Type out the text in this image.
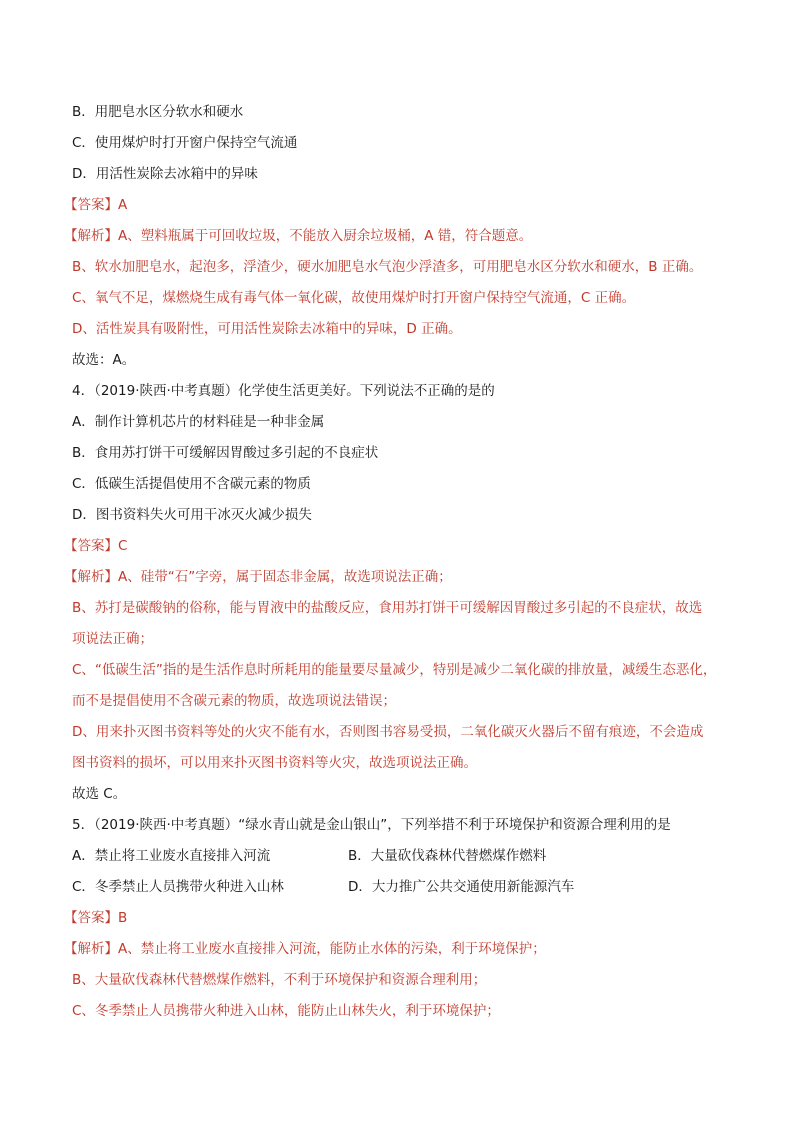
B．用肥皂水区分软水和硬水
C．使用煤炉时打开窗户保持空气流通
D．用活性炭除去冰箱中的异味
【答案】A
【解析】A、塑料瓶属于可回收垃圾，不能放入厨余垃圾桶，A 错，符合题意。
B、软水加肥皂水，起泡多，浮渣少，硬水加肥皂水气泡少浮渣多，可用肥皂水区分软水和硬水，B 正确。
C、氧气不足，煤燃烧生成有毒气体一氧化碳，故使用煤炉时打开窗户保持空气流通，C 正确。
D、活性炭具有吸附性，可用活性炭除去冰箱中的异味，D 正确。
故选：A。
4．（2019·陕西·中考真题）化学使生活更美好。下列说法不正确的是的
A．制作计算机芯片的材料硅是一种非金属
B．食用苏打饼干可缓解因胃酸过多引起的不良症状
C．低碳生活提倡使用不含碳元素的物质
D．图书资料失火可用干冰灭火减少损失
【答案】C
【解析】A、硅带“石”字旁，属于固态非金属，故选项说法正确；
B、苏打是碳酸钠的俗称，能与胃液中的盐酸反应，食用苏打饼干可缓解因胃酸过多引起的不良症状，故选
项说法正确；
C、“低碳生活”指的是生活作息时所耗用的能量要尽量减少，特别是减少二氧化碳的排放量，减缓生态恶化，
而不是提倡使用不含碳元素的物质，故选项说法错误；
D、用来扑灭图书资料等处的火灾不能有水，否则图书容易受损，二氧化碳灭火器后不留有痕迹，不会造成
图书资料的损坏，可以用来扑灭图书资料等火灾，故选项说法正确。
故选 C。
5．（2019·陕西·中考真题）“绿水青山就是金山银山”，下列举措不利于环境保护和资源合理利用的是
A．禁止将工业废水直接排入河流	B．大量砍伐森林代替燃煤作燃料
C．冬季禁止人员携带火种进入山林	D．大力推广公共交通使用新能源汽车
【答案】B
【解析】A、禁止将工业废水直接排入河流，能防止水体的污染，利于环境保护；
B、大量砍伐森林代替燃煤作燃料，不利于环境保护和资源合理利用；
C、冬季禁止人员携带火种进入山林，能防止山林失火，利于环境保护；
